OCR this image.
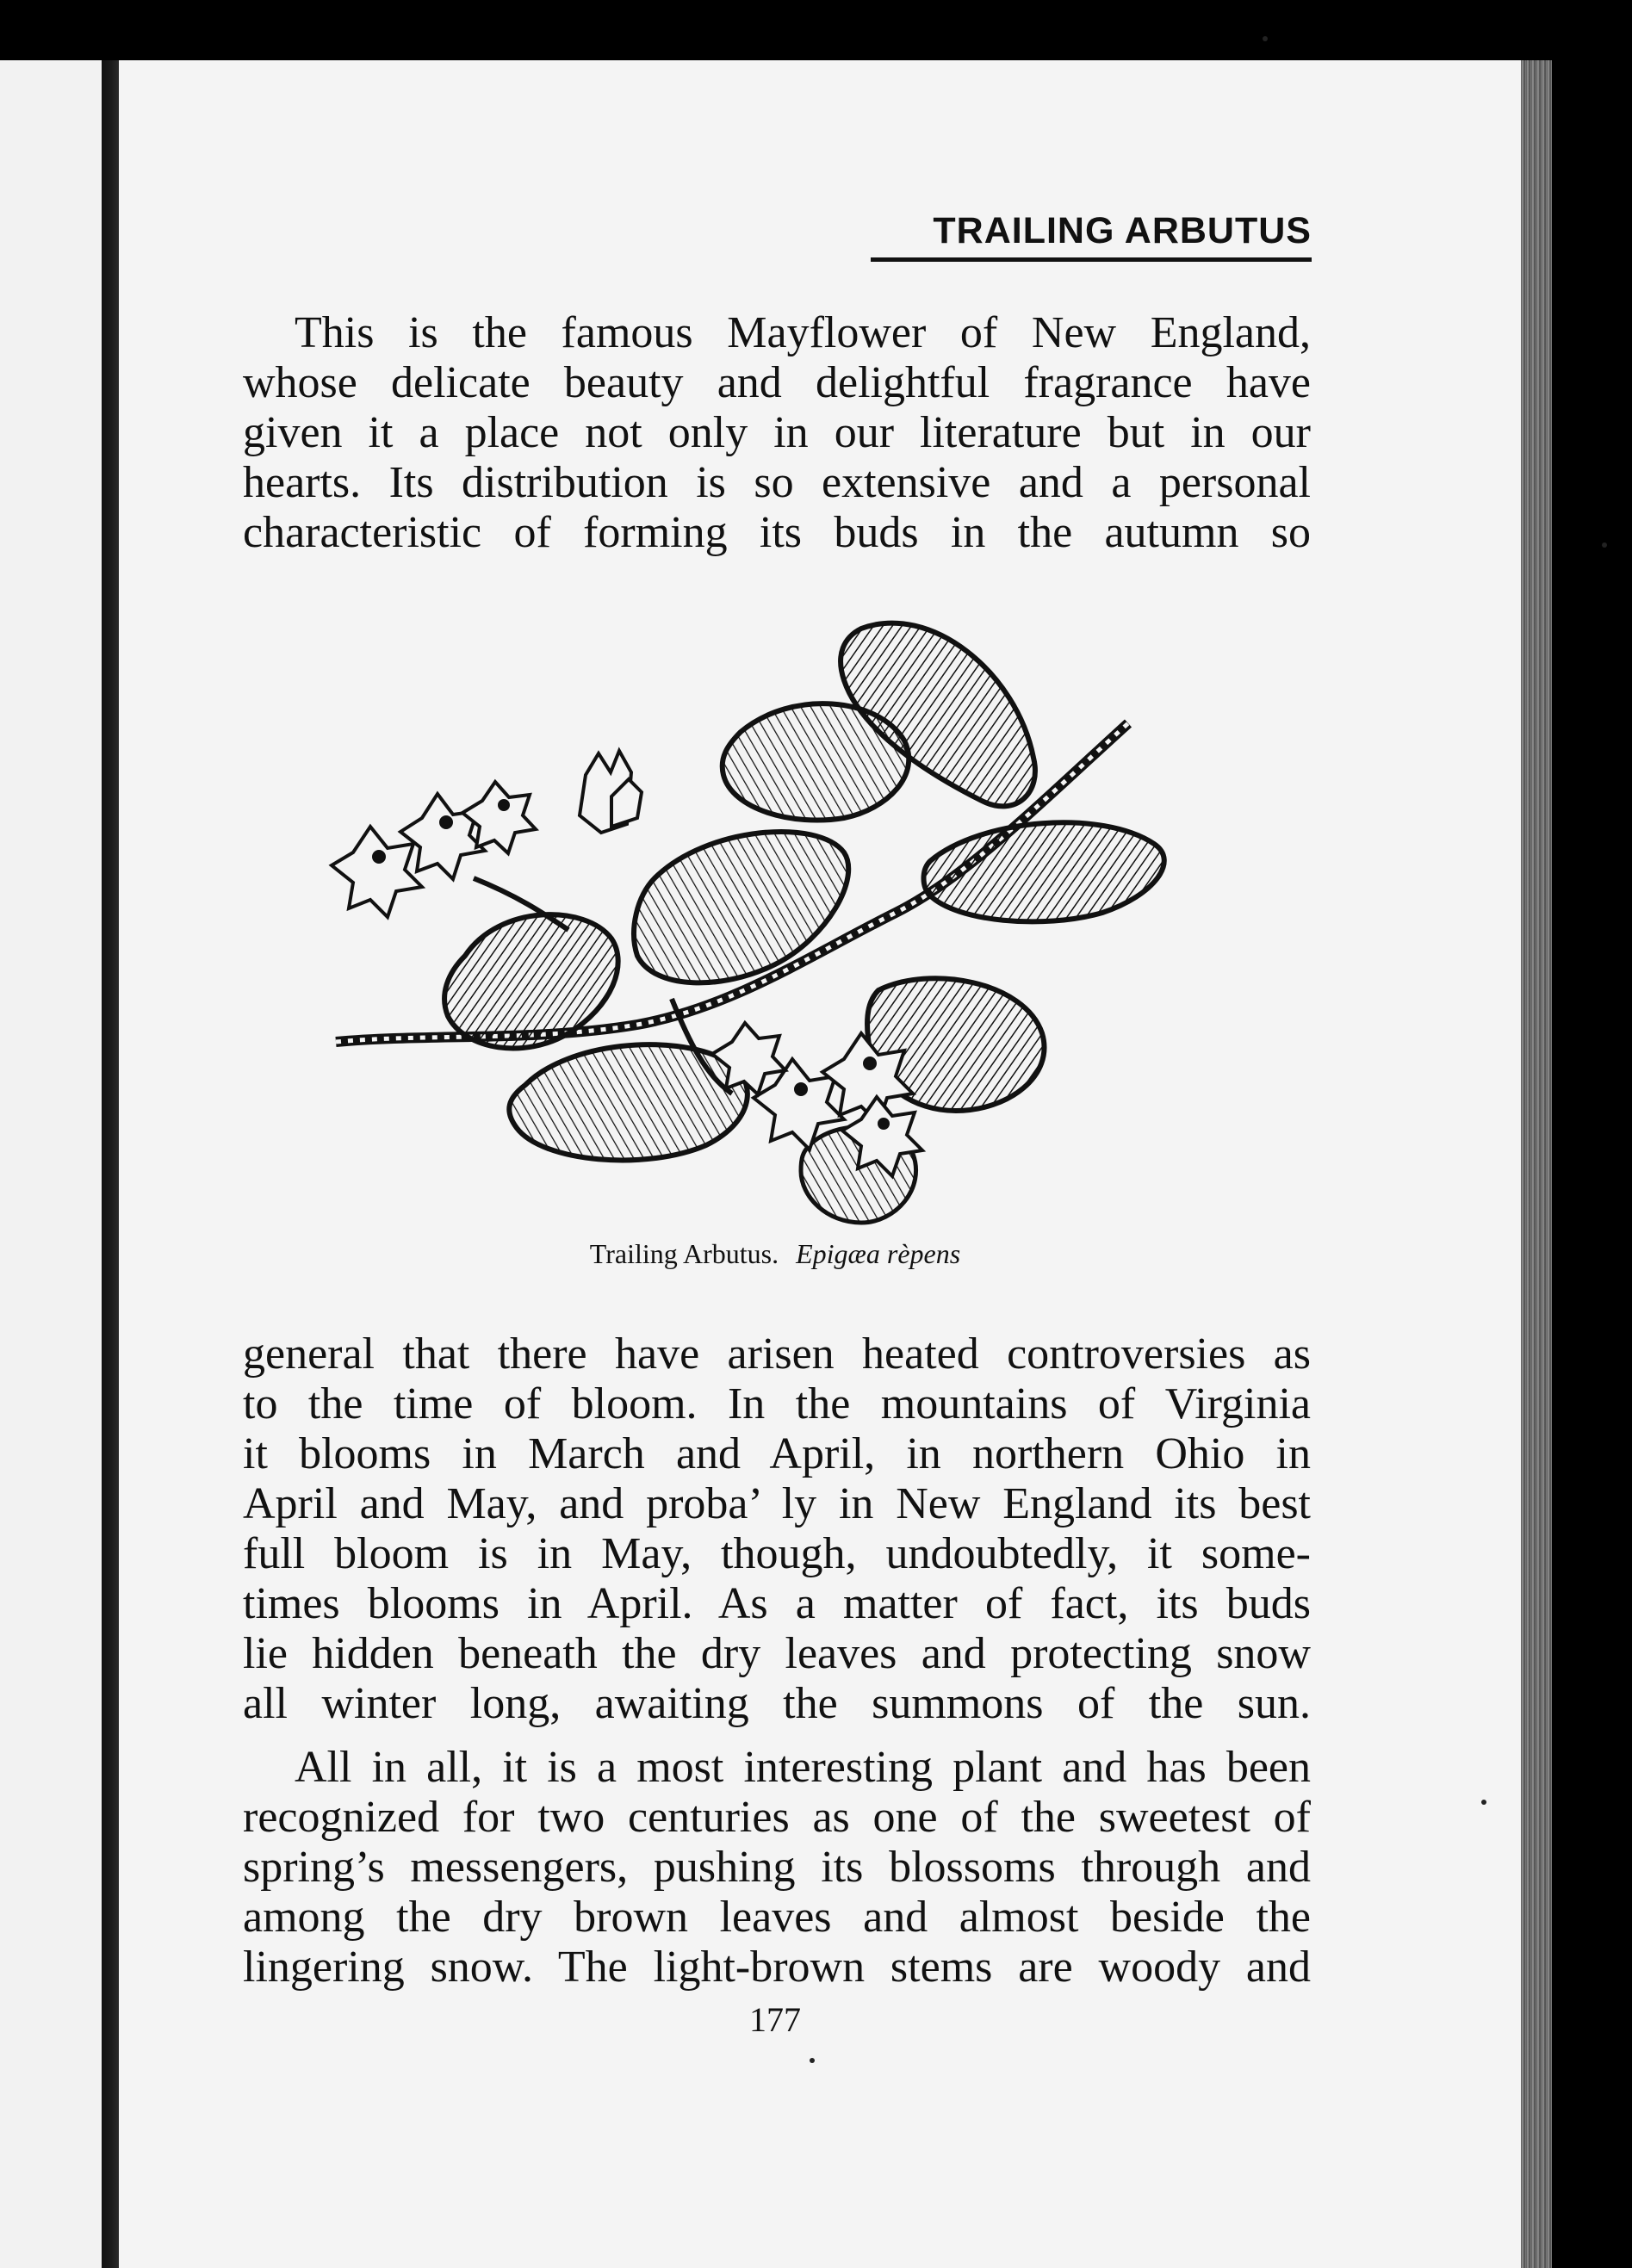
TRAILING ARBUTUS
This is the famous Mayflower of New England,
whose delicate beauty and delightful fragrance have
given it a place not only in our literature but in our
hearts. Its distribution is so extensive and a personal
characteristic of forming its buds in the autumn so
Trailing Arbutus. Epigæa rèpens
general that there have arisen heated controversies as
to the time of bloom. In the mountains of Virginia
it blooms in March and April, in northern Ohio in
April and May, and proba’ ly in New England its best
full bloom is in May, though, undoubtedly, it some-
times blooms in April. As a matter of fact, its buds
lie hidden beneath the dry leaves and protecting snow
all winter long, awaiting the summons of the sun.
All in all, it is a most interesting plant and has been
recognized for two centuries as one of the sweetest of
spring’s messengers, pushing its blossoms through and
among the dry brown leaves and almost beside the
lingering snow. The light-brown stems are woody and
177
